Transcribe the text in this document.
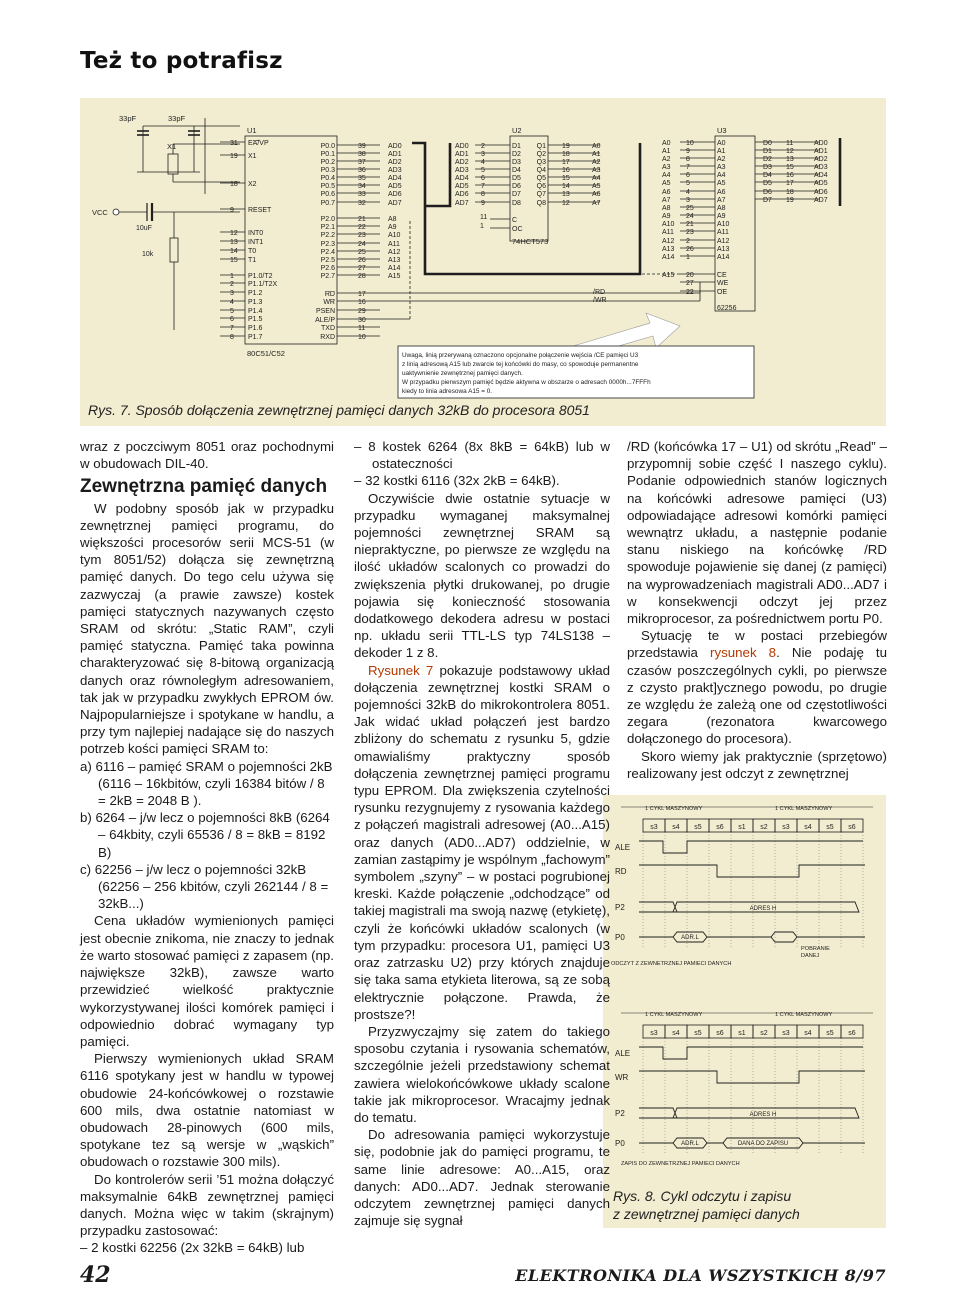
Też to potrafisz
VCC
10uF
10k
33pF	33pF
X1
U1
80C51/C52
31 EA/VP
19 X1
18 X2
9 RESET
12 INT0
13 INT1
14 T0
15 T1
1 P1.0/T2
2 P1.1/T2X
3 P1.2
4 P1.3
5 P1.4
6 P1.5
7 P1.6
8 P1.7
P0.0	39
P0.1	38
P0.2	37
P0.3	36
P0.4	35
P0.5	34
P0.6	33
P0.7	32
P2.0	21
P2.1	22
P2.2	23
P2.3	24
P2.4	25
P2.5	26
P2.6	27
P2.7	28
RD	17
WR	16
PSEN	29
ALE/P	30
TXD	11
RXD	10
AD0
AD1
AD2
AD3
AD4
AD5
AD6
AD7
A8
A9
A10
A11
A12
A13
A14
A15
AD0 2
AD1 3
AD2 4
AD3 5
AD4 6
AD5 7
AD6 8
AD7 9
U2
74HCT573
D1
D2
D3
D4
D5
D6
D7
D8
Q1 19	A0
Q2 18	A1
Q3 17	A2
Q4 16	A3
Q5 15	A4
Q6 14	A5
Q7 13	A6
Q8 12	A7
C
OC
11
1
/RD
/WR
A0
A1
A2
A3
A4
A5
A6
A7
A8
A9
A10
A11
A12
A13
A14
A15
10
9
8
7
6
5
4
3
25
24
21
23
2
26
1
20
27
22
U3
62256
A0
A1
A2
A3
A4
A5
A6
A7
A8
A9
A10
A11
A12
A13
A14
CE
WE
OE
D0 11	AD0
D1 12	AD1
D2 13	AD2
D3 15	AD3
D4 16	AD4
D5 17	AD5
D6 18	AD6
D7 19	AD7
Uwaga, linią przerywaną oznaczono opcjonalne połączenie wejścia /CE pamięci U3
z linią adresową A15 lub zwarcie tej końcówki do masy, co spowoduje permanentne
uaktywnienie zewnętrznej pamięci danych.
W przypadku pierwszym pamięć będzie aktywna w obszarze o adresach 0000h...7FFFh
kiedy to linia adresowa A15 = 0.
Rys. 7. Sposób dołączenia zewnętrznej pamięci danych 32kB do procesora 8051
1 CYKL MASZYNOWY	1 CYKL MASZYNOWY
s3 s4 s5 s6 s1 s2 s3 s4 s5 s6
ALE
RD
P2
P0
ADRES H
ADR.L
POBRANIE
DANEJ
ODCZYT Z ZEWNETRZNEJ PAMIECI DANYCH
1 CYKL MASZYNOWY	1 CYKL MASZYNOWY
s3 s4 s5 s6 s1 s2 s3 s4 s5 s6
ALE
WR
P2
P0
ADRES H
ADR.L	DANA DO ZAPISU
ZAPIS DO ZEWNETRZNEJ PAMIECI DANYCH
Rys. 8. Cykl odczytu i zapisu
z zewnętrznej pamięci danych

wraz z poczciwym 8051 oraz pochodnymi w obudowach DIL-40.

Zewnętrzna pamięć danych

W podobny sposób jak w przypadku zewnętrznej pamięci programu, do większości procesorów serii MCS-51 (w tym 8051/52) dołącza się zewnętrzną pamięć danych. Do tego celu używa się zazwyczaj (a prawie zawsze) kostek pamięci statycznych nazywanych często SRAM od skrótu: „Static RAM”, czyli pamięć statyczna. Pamięć taka powinna charakteryzować się 8-bitową organizacją danych oraz równoległym adresowaniem, tak jak w przypadku zwykłych EPROM ów. Najpopularniejsze i spotykane w handlu, a przy tym najlepiej nadające się do naszych potrzeb kości pamięci SRAM to:

a) 6116 – pamięć SRAM o pojemności 2kB (6116 – 16kbitów, czyli 16384 bitów / 8 = 2kB = 2048 B ).

b) 6264 – j/w lecz o pojemności 8kB (6264 – 64kbity, czyli 65536 / 8 = 8kB = 8192 B)

c) 62256 – j/w lecz o pojemności 32kB (62256 – 256 kbitów, czyli 262144 / 8 = 32kB...)

Cena układów wymienionych pamięci jest obecnie znikoma, nie znaczy to jednak że warto stosować pamięci z zapasem (np. największe 32kB), zawsze warto przewidzieć wielkość praktycznie wykorzystywanej ilości komórek pamięci i odpowiednio dobrać wymagany typ pamięci.

Pierwszy wymienionych układ SRAM 6116 spotykany jest w handlu w typowej obudowie 24-końcówkowej o rozstawie 600 mils, dwa ostatnie natomiast w obudowach 28-pinowych (600 mils, spotykane tez są wersje w „wąskich” obudowach o rozstawie 300 mils).

Do kontrolerów serii ’51 można dołączyć maksymalnie 64kB zewnętrznej pamięci danych. Można więc w takim (skrajnym) przypadku zastosować:

– 2 kostki 62256 (2x 32kB = 64kB) lub

– 8 kostek 6264 (8x 8kB = 64kB) lub w ostateczności

– 32 kostki 6116 (32x 2kB = 64kB).

Oczywiście dwie ostatnie sytuacje w przypadku wymaganej maksymalnej pojemności zewnętrznej SRAM są niepraktyczne, po pierwsze ze względu na ilość układów scalonych co prowadzi do zwiększenia płytki drukowanej, po drugie pojawia się konieczność stosowania dodatkowego dekodera adresu w postaci np. układu serii TTL-LS typ 74LS138 – dekoder 1 z 8.

Rysunek 7 pokazuje podstawowy układ dołączenia zewnętrznej kostki SRAM o pojemności 32kB do mikrokontrolera 8051. Jak widać układ połączeń jest bardzo zbliżony do schematu z rysunku 5, gdzie omawialiśmy praktyczny sposób dołączenia zewnętrznej pamięci programu typu EPROM. Dla zwiększenia czytelności rysunku rezygnujemy z rysowania każdego z połączeń magistrali adresowej (A0...A15) oraz danych (AD0...AD7) oddzielnie, w zamian zastąpimy je wspólnym „fachowym” symbolem „szyny” – w postaci pogrubionej kreski. Każde połączenie „odchodzące” od takiej magistrali ma swoją nazwę (etykietę), czyli że końcówki układów scalonych (w tym przypadku: procesora U1, pamięci U3 oraz zatrzasku U2) przy których znajduje się taka sama etykieta literowa, są ze sobą elektrycznie połączone. Prawda, że prostsze?!

Przyzwyczajmy się zatem do takiego sposobu czytania i rysowania schematów, szczególnie jeżeli przedstawiony schemat zawiera wielokońcówkowe układy scalone takie jak mikroprocesor. Wracajmy jednak do tematu.

Do adresowania pamięci wykorzystuje się, podobnie jak do pamięci programu, te same linie adresowe: A0...A15, oraz danych: AD0...AD7. Jednak sterowanie odczytem zewnętrznej pamięci danych zajmuje się sygnał

/RD (końcówka 17 – U1) od skrótu „Read” – przypomnij sobie część I naszego cyklu). Podanie odpowiednich stanów logicznych na końcówki adresowe pamięci (U3) odpowiadające adresowi komórki pamięci wewnątrz układu, a następnie podanie stanu niskiego na końcówkę /RD spowoduje pojawienie się danej (z pamięci) na wyprowadzeniach magistrali AD0...AD7 i w konsekwencji odczyt jej przez mikroprocesor, za pośrednictwem portu P0.

Sytuację te w postaci przebiegów przedstawia rysunek 8. Nie podaję tu czasów poszczególnych cykli, po pierwsze z czysto prakt]ycznego powodu, po drugie ze względu że zależą one od częstotliwości zegara (rezonatora kwarcowego dołączonego do procesora).

Skoro wiemy jak praktycznie (sprzętowo) realizowany jest odczyt z zewnętrznej

42	ELEKTRONIKA DLA WSZYSTKICH 8/97
